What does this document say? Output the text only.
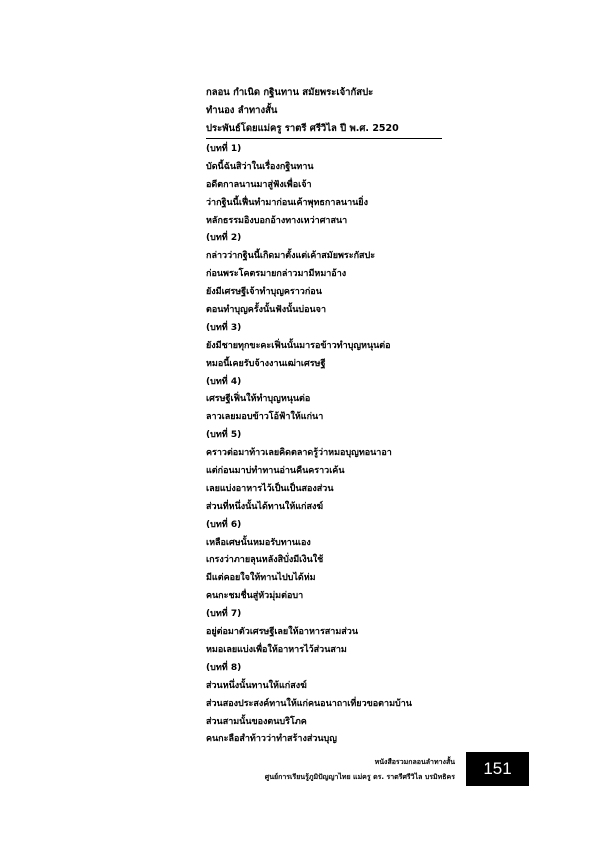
กลอน กำเนิด กฐินทาน สมัยพระเจ้ากัสปะ
ทำนอง ลำทางสั้น
ประพันธ์โดยแม่ครู ราตรี ศรีวิไล ปี พ.ศ. 2520
(บทที่ 1)
บัดนี้ฉันสิว่าในเรื่องกฐินทาน
อดีตกาลนานมาสู่ฟังเพื่อเจ้า
ว่ากฐินนี้เฟื่นทำมาก่อนเค้าพุทธกาลนานยิ่ง
หลักธรรมอิงบอกอ้างทางเหว่าศาสนา
(บทที่ 2)
กล่าวว่ากฐินนี้เกิดมาตั้งแต่เค้าสมัยพระกัสปะ
ก่อนพระโคตรมายกล่าวมามีหมาอ้าง
ยังมีเศรษฐีเจ้าทำบุญคราวก่อน
ตอนทำบุญครั้งนั้นฟังนั้นบ่อนจา
(บทที่ 3)
ยังมีชายทุกขะคะเฟิ่นนั้นมารอข้าวทำบุญหนุนต่อ
หมอนี้เคยรับจ้างงานเฒ่าเศรษฐี
(บทที่ 4)
เศรษฐีเฟิ่นให้ทำบุญหนุนต่อ
ลาวเลยมอบข้าวโอ้ฟ้าให้แก่นา
(บทที่ 5)
คราวต่อมาท้าวเลยคิดตลาดรู้ว่าหมอบุญทอนาอา
แต่ก่อนมาบ่ทำทานอ่านคืนคราวเค้น
เลยแบ่งอาหารไว้เป็นเป็นสองส่วน
ส่วนที่หนึ่งนั้นได้ทานให้แก่สงฆ์
(บทที่ 6)
เหลือเศษนั้นหมอรับทานเอง
เกรงว่าภายลุนหลังสิบั่งมีเงินใช้
มีแต่คอยใจให้ทานไปบได้ห่ม
คนกะชมชื่นสู่หัวมุ่มต่อบา
(บทที่ 7)
อยู่ต่อมาตัวเศรษฐีเลยให้อาหารสามส่วน
หมอเลยแบ่งเพื่อให้อาหารไว้ส่วนสาม
(บทที่ 8)
ส่วนหนึ่งนั้นทานให้แก่สงฆ์
ส่วนสองประสงค์ทานให้แก่คนอนาถาเที่ยวขอตามบ้าน
ส่วนสามนั้นของตนบริโภค
คนกะลือสำท้าวว่าทำสร้างส่วนบุญ
หนังสือรวมกลอนลำทางสั้น
ศูนย์การเรียนรู้ภูมิปัญญาไทย แม่ครู ดร. ราตรีศรีวิไล บรมิทธิคร	151
